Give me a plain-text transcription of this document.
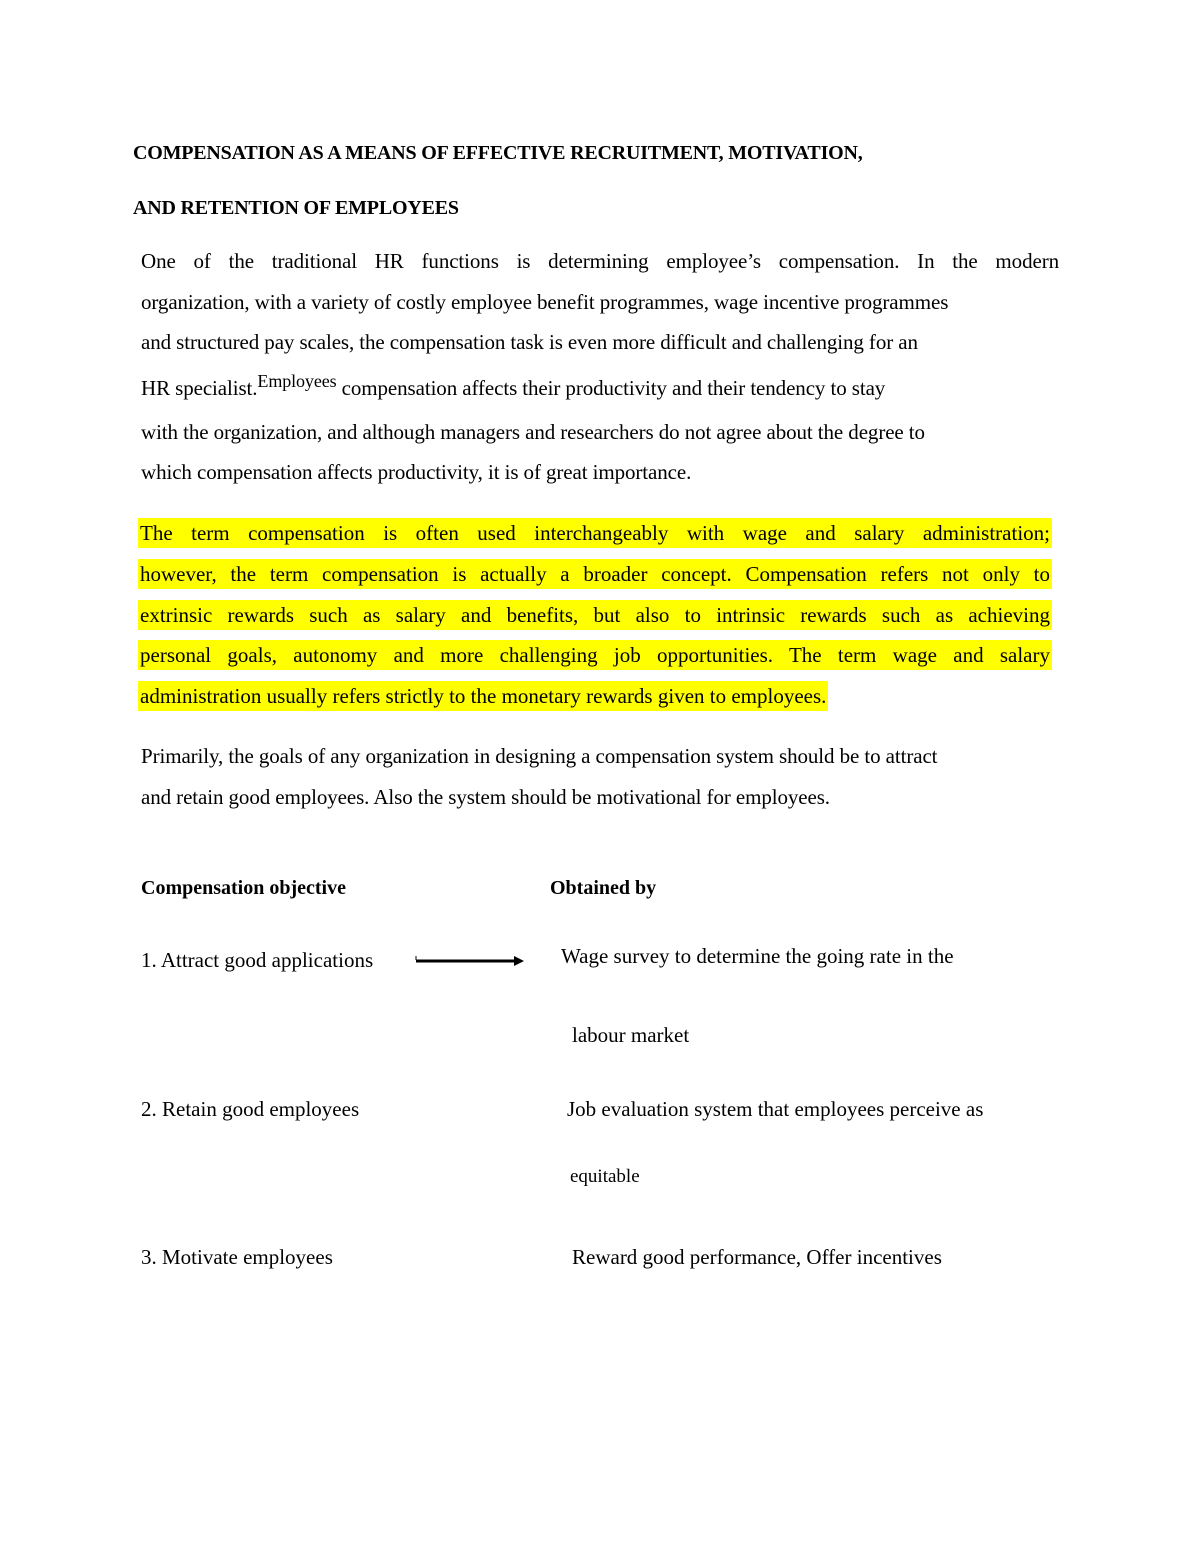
COMPENSATION AS A MEANS OF EFFECTIVE RECRUITMENT, MOTIVATION,
AND RETENTION OF EMPLOYEES
One of the traditional HR functions is determining employee’s compensation. In the modern
organization, with a variety of costly employee benefit programmes, wage incentive programmes
and structured pay scales, the compensation task is even more difficult and challenging for an
HR specialist.Employees compensation affects their productivity and their tendency to stay
with the organization, and although managers and researchers do not agree about the degree to
which compensation affects productivity, it is of great importance.
The term compensation is often used interchangeably with wage and salary administration;
however, the term compensation is actually a broader concept. Compensation refers not only to
extrinsic rewards such as salary and benefits, but also to intrinsic rewards such as achieving
personal goals, autonomy and more challenging job opportunities. The term wage and salary
administration usually refers strictly to the monetary rewards given to employees.
Primarily, the goals of any organization in designing a compensation system should be to attract
and retain good employees. Also the system should be motivational for employees.
Compensation objective	Obtained by
1. Attract good applications	Wage survey to determine the going rate in the
labour market
2. Retain good employees	Job evaluation system that employees perceive as
equitable
3. Motivate employees	Reward good performance, Offer incentives
